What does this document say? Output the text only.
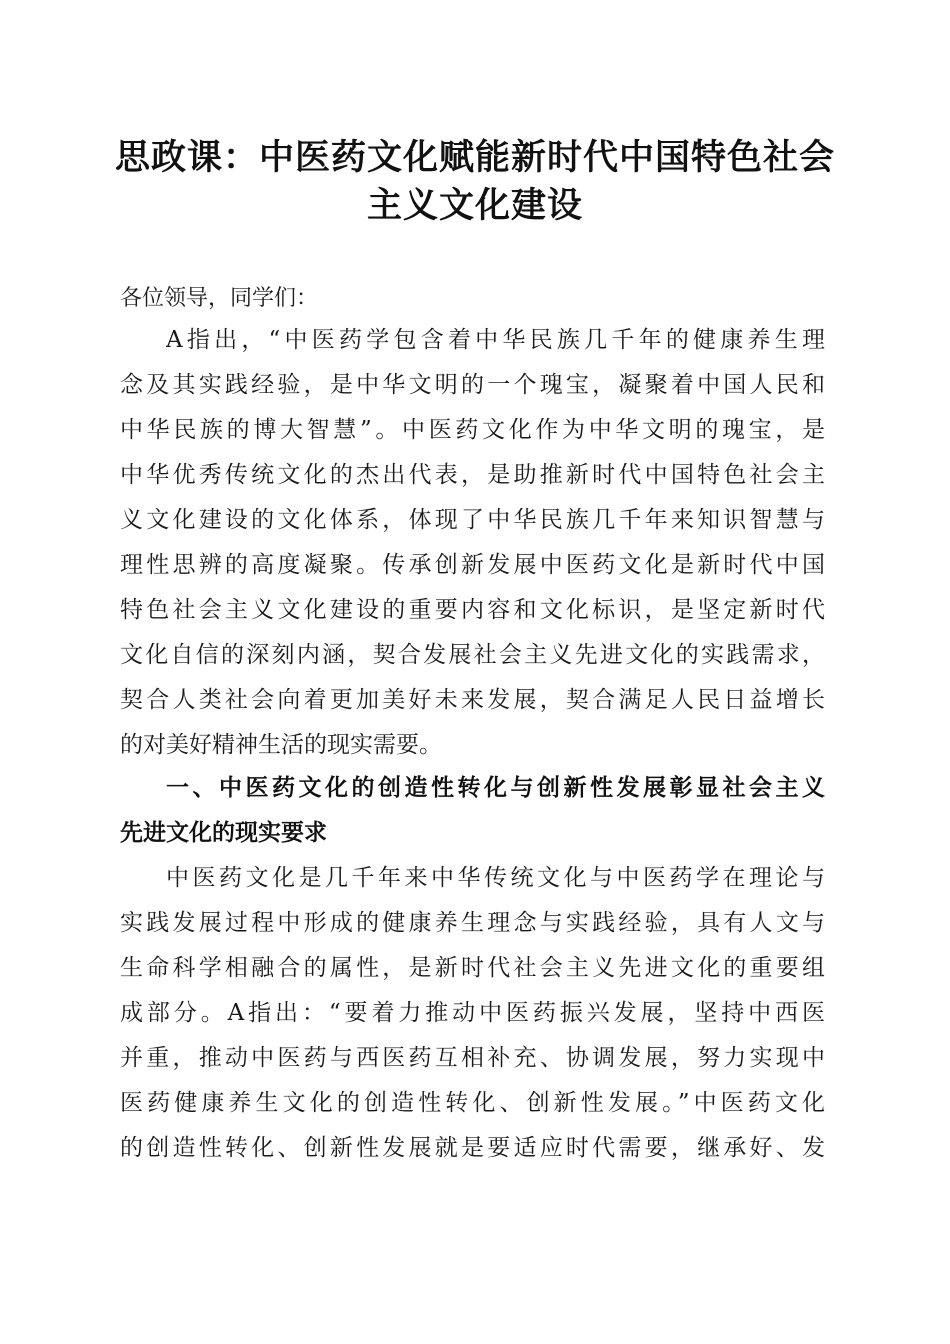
思政课：中医药文化赋能新时代中国特色社会
主义文化建设
各位领导，同学们：
A指出，“中医药学包含着中华民族几千年的健康养生理
念及其实践经验，是中华文明的一个瑰宝，凝聚着中国人民和
中华民族的博大智慧”。中医药文化作为中华文明的瑰宝，是
中华优秀传统文化的杰出代表，是助推新时代中国特色社会主
义文化建设的文化体系，体现了中华民族几千年来知识智慧与
理性思辨的高度凝聚。传承创新发展中医药文化是新时代中国
特色社会主义文化建设的重要内容和文化标识，是坚定新时代
文化自信的深刻内涵，契合发展社会主义先进文化的实践需求，
契合人类社会向着更加美好未来发展，契合满足人民日益增长
的对美好精神生活的现实需要。
一、中医药文化的创造性转化与创新性发展彰显社会主义
先进文化的现实要求
中医药文化是几千年来中华传统文化与中医药学在理论与
实践发展过程中形成的健康养生理念与实践经验，具有人文与
生命科学相融合的属性，是新时代社会主义先进文化的重要组
成部分。A指出：“要着力推动中医药振兴发展，坚持中西医
并重，推动中医药与西医药互相补充、协调发展，努力实现中
医药健康养生文化的创造性转化、创新性发展。”中医药文化
的创造性转化、创新性发展就是要适应时代需要，继承好、发
